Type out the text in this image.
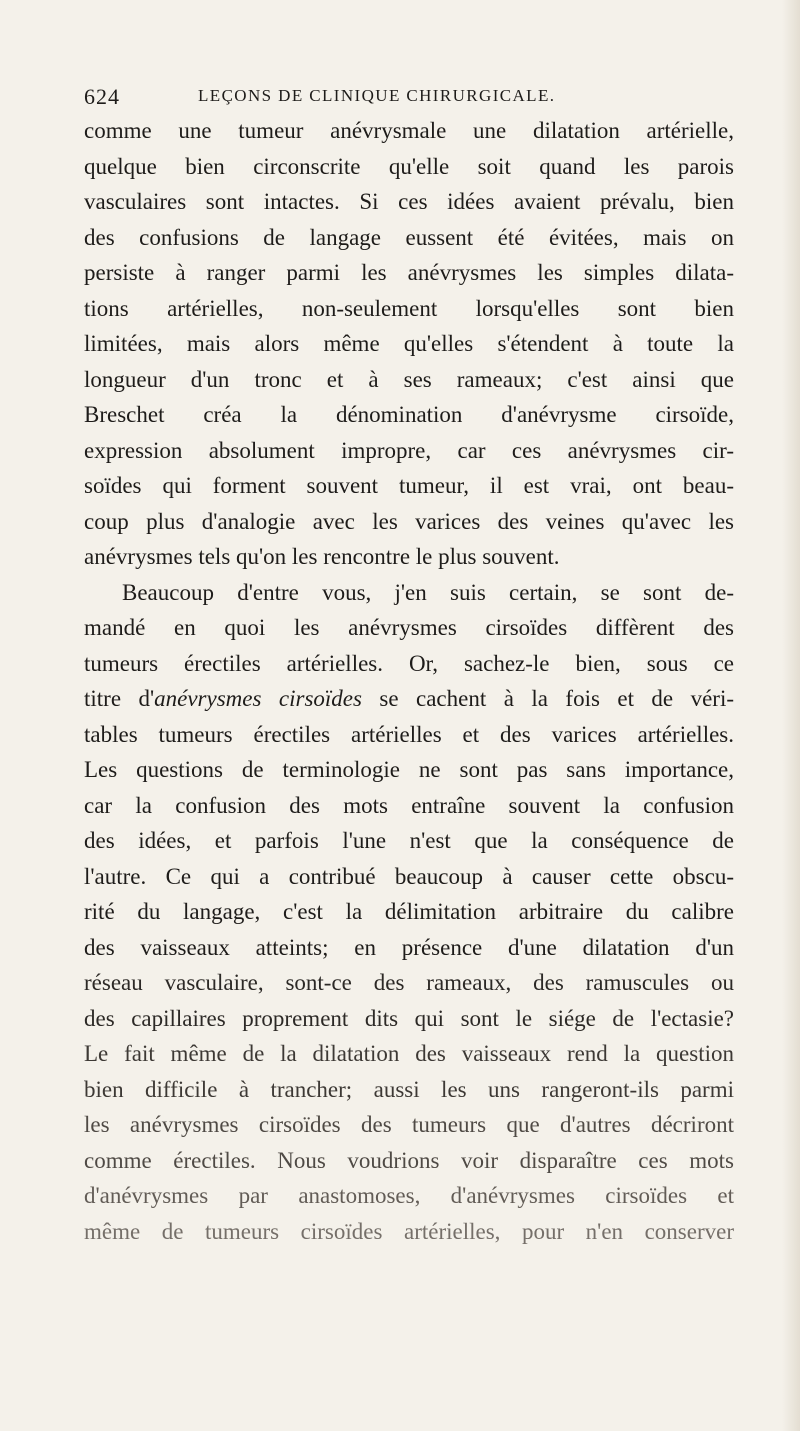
624	LEÇONS DE CLINIQUE CHIRURGICALE.
comme une tumeur anévrysmale une dilatation artérielle,
quelque bien circonscrite qu'elle soit quand les parois
vasculaires sont intactes. Si ces idées avaient prévalu, bien
des confusions de langage eussent été évitées, mais on
persiste à ranger parmi les anévrysmes les simples dilata-
tions artérielles, non-seulement lorsqu'elles sont bien
limitées, mais alors même qu'elles s'étendent à toute la
longueur d'un tronc et à ses rameaux; c'est ainsi que
Breschet créa la dénomination d'anévrysme cirsoïde,
expression absolument impropre, car ces anévrysmes cir-
soïdes qui forment souvent tumeur, il est vrai, ont beau-
coup plus d'analogie avec les varices des veines qu'avec les
anévrysmes tels qu'on les rencontre le plus souvent.
Beaucoup d'entre vous, j'en suis certain, se sont de-
mandé en quoi les anévrysmes cirsoïdes diffèrent des
tumeurs érectiles artérielles. Or, sachez-le bien, sous ce
titre d'anévrysmes cirsoïdes se cachent à la fois et de véri-
tables tumeurs érectiles artérielles et des varices artérielles.
Les questions de terminologie ne sont pas sans importance,
car la confusion des mots entraîne souvent la confusion
des idées, et parfois l'une n'est que la conséquence de
l'autre. Ce qui a contribué beaucoup à causer cette obscu-
rité du langage, c'est la délimitation arbitraire du calibre
des vaisseaux atteints; en présence d'une dilatation d'un
réseau vasculaire, sont-ce des rameaux, des ramuscules ou
des capillaires proprement dits qui sont le siége de l'ectasie?
Le fait même de la dilatation des vaisseaux rend la question
bien difficile à trancher; aussi les uns rangeront-ils parmi
les anévrysmes cirsoïdes des tumeurs que d'autres décriront
comme érectiles. Nous voudrions voir disparaître ces mots
d'anévrysmes par anastomoses, d'anévrysmes cirsoïdes et
même de tumeurs cirsoïdes artérielles, pour n'en conserver
